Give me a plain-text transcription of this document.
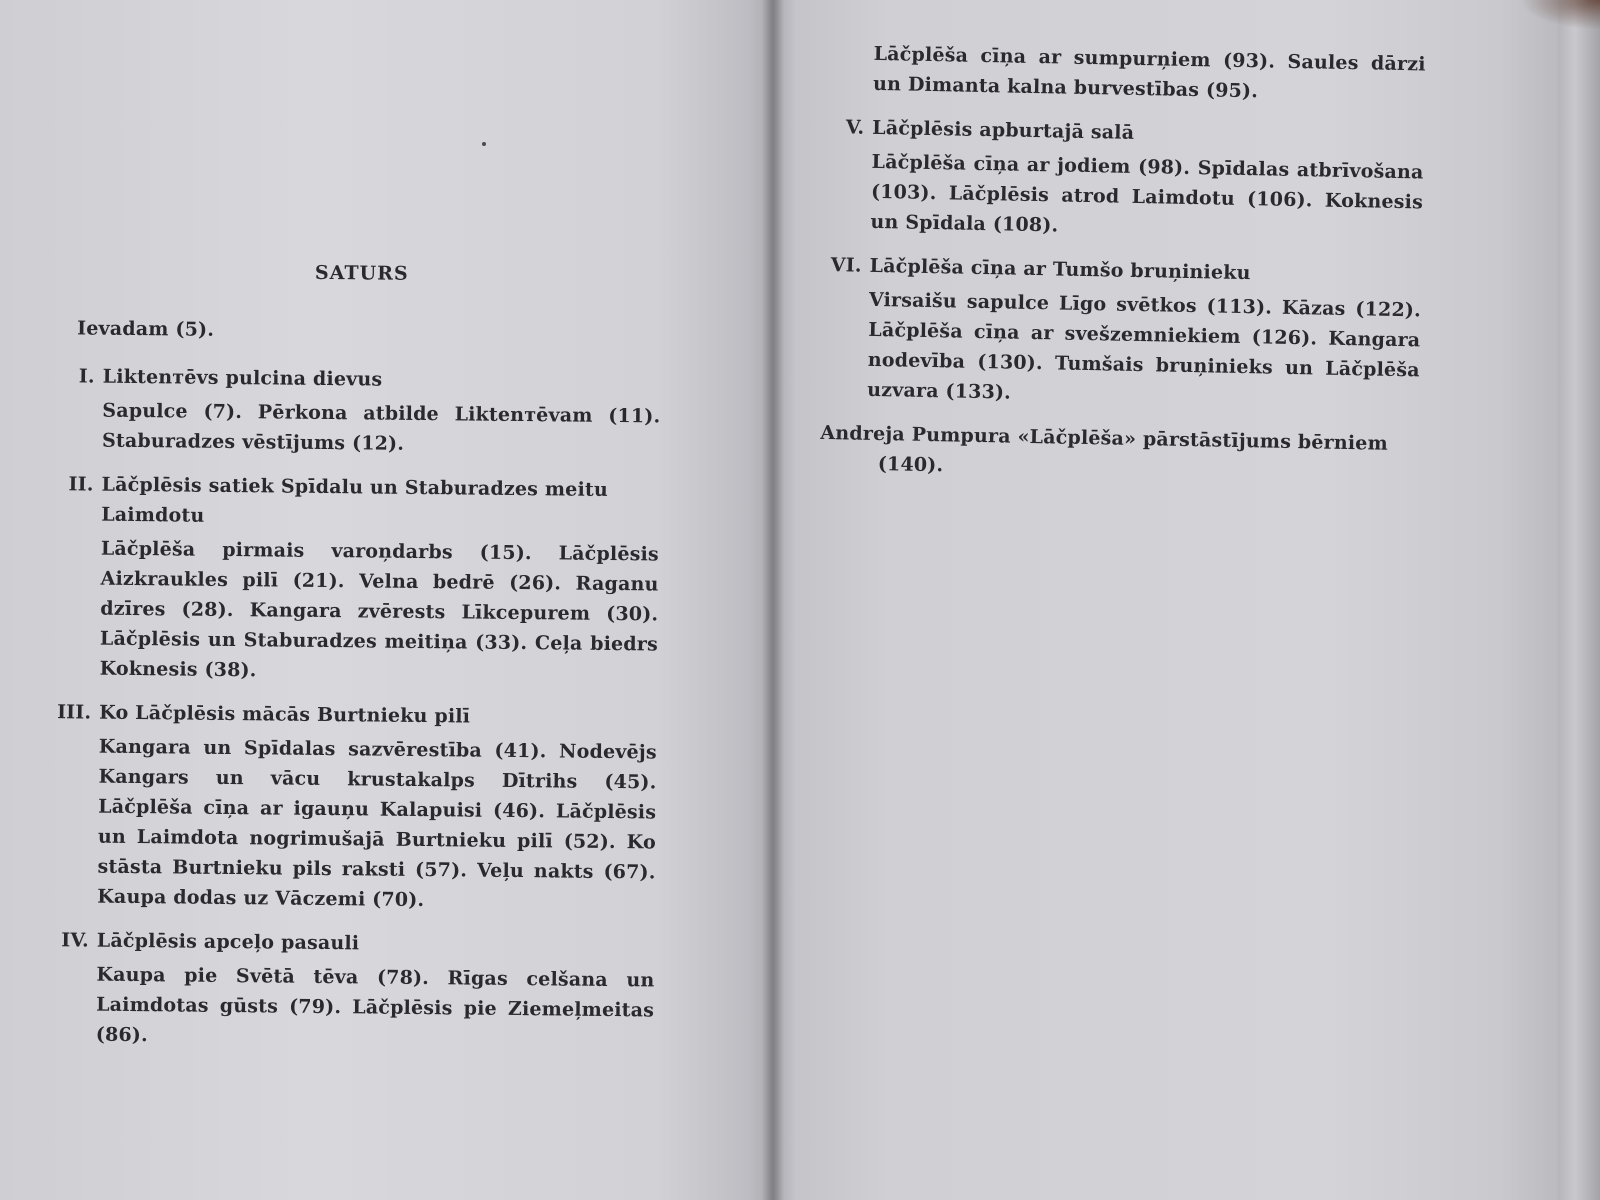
SATURS
Ievadam (5).
I. Liktenтēvs pulcina dievus
Sapulce (7). Pērkona atbilde Liktenтēvam (11). Staburadzes vēstījums (12).
II. Lāčplēsis satiek Spīdalu un Staburadzes meitu Laimdotu
Lāčplēša pirmais varoņdarbs (15). Lāčplēsis Aizkraukles pilī (21). Velna bedrē (26). Raganu dzīres (28). Kangara zvērests Līkcepurem (30). Lāčplēsis un Staburadzes meitiņa (33). Ceļa biedrs Koknesis (38).
III. Ko Lāčplēsis mācās Burtnieku pilī
Kangara un Spīdalas sazvērestība (41). Nodevējs Kangars un vācu krustakalps Dītrihs (45). Lāčplēša cīņa ar igauņu Kalapuisi (46). Lāčplēsis un Laimdota nogrimušajā Burtnieku pilī (52). Ko stāsta Burtnieku pils raksti (57). Veļu nakts (67). Kaupa dodas uz Vāczemi (70).
IV. Lāčplēsis apceļo pasauli
Kaupa pie Svētā tēva (78). Rīgas celšana un Laimdotas gūsts (79). Lāčplēsis pie Ziemeļmeitas (86).
Lāčplēša cīņa ar sumpurņiem (93). Saules dārzi un Dimanta kalna burvestības (95).
V. Lāčplēsis apburtajā salā
Lāčplēša cīņa ar jodiem (98). Spīdalas atbrīvošana (103). Lāčplēsis atrod Laimdotu (106). Koknesis un Spīdala (108).
VI. Lāčplēša cīņa ar Tumšo bruņinieku
Virsaišu sapulce Līgo svētkos (113). Kāzas (122). Lāčplēša cīņa ar svešzemniekiem (126). Kangara nodevība (130). Tumšais bruņinieks un Lāčplēša uzvara (133).
Andreja Pumpura «Lāčplēša» pārstāstījums bērniem
(140).
